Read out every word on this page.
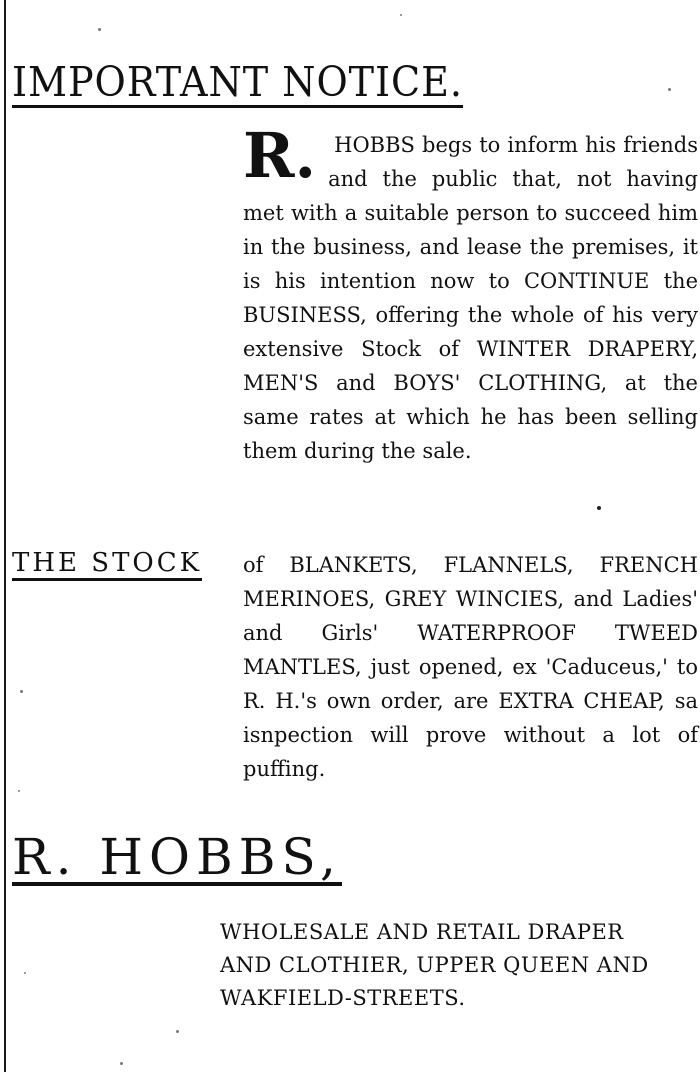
IMPORTANT NOTICE.

R. HOBBS begs to inform his friends and the public that, not having met with a suitable person to succeed him in the business, and lease the premises, it is his intention now to CONTINUE the BUSINESS, offering the whole of his very extensive Stock of WINTER DRAPERY, MEN'S and BOYS' CLOTHING, at the same rates at which he has been selling them during the sale.

THE STOCK of BLANKETS, FLANNELS, FRENCH MERINOES, GREY WINCIES, and Ladies' and Girls' WATERPROOF TWEED MANTLES, just opened, ex 'Caduceus,' to R. H.'s own order, are EXTRA CHEAP, sa isnpection will prove without a lot of puffing.

R. HOBBS,

WHOLESALE AND RETAIL DRAPER

AND CLOTHIER, UPPER QUEEN AND

WAKFIELD-STREETS.
